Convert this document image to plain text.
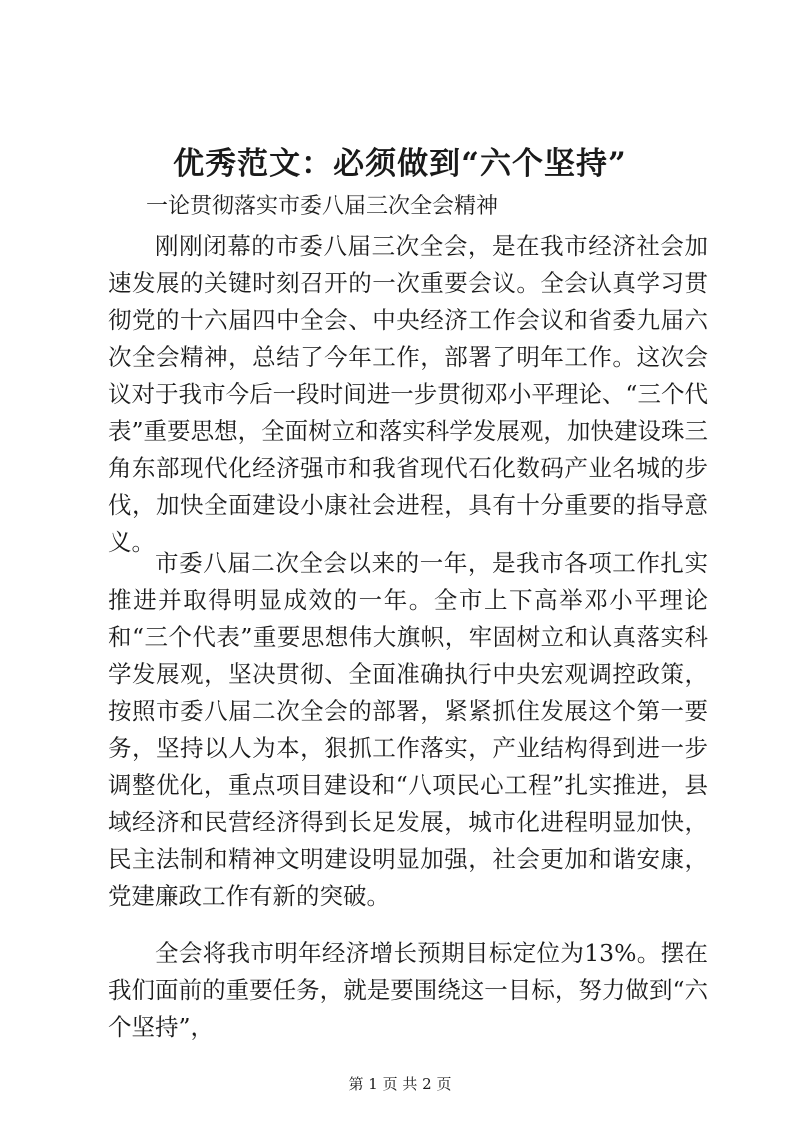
优秀范文：必须做到“六个坚持”

一论贯彻落实市委八届三次全会精神

刚刚闭幕的市委八届三次全会，是在我市经济社会加速发展的关键时刻召开的一次重要会议。全会认真学习贯彻党的十六届四中全会、中央经济工作会议和省委九届六次全会精神，总结了今年工作，部署了明年工作。这次会议对于我市今后一段时间进一步贯彻邓小平理论、“三个代表”重要思想，全面树立和落实科学发展观，加快建设珠三角东部现代化经济强市和我省现代石化数码产业名城的步伐，加快全面建设小康社会进程，具有十分重要的指导意义。

市委八届二次全会以来的一年，是我市各项工作扎实推进并取得明显成效的一年。全市上下高举邓小平理论和“三个代表”重要思想伟大旗帜，牢固树立和认真落实科学发展观，坚决贯彻、全面准确执行中央宏观调控政策，按照市委八届二次全会的部署，紧紧抓住发展这个第一要务，坚持以人为本，狠抓工作落实，产业结构得到进一步调整优化，重点项目建设和“八项民心工程”扎实推进，县域经济和民营经济得到长足发展，城市化进程明显加快，民主法制和精神文明建设明显加强，社会更加和谐安康，党建廉政工作有新的突破。

全会将我市明年经济增长预期目标定位为13%。摆在我们面前的重要任务，就是要围绕这一目标，努力做到“六个坚持”，

第 1 页 共 2 页
